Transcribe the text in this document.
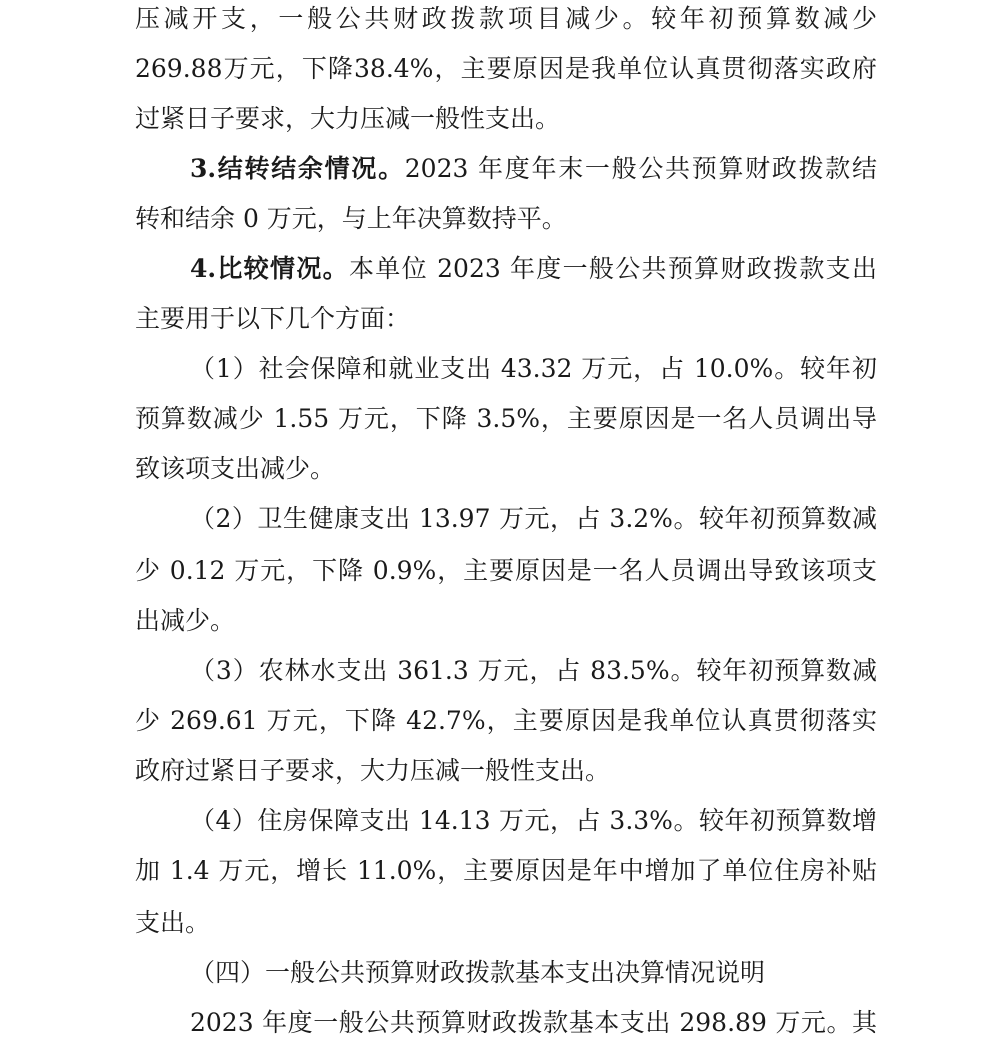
压减开支，一般公共财政拨款项目减少。较年初预算数减少
269.88万元，下降38.4%，主要原因是我单位认真贯彻落实政府
过紧日子要求，大力压减一般性支出。
3.结转结余情况。2023 年度年末一般公共预算财政拨款结
转和结余 0 万元，与上年决算数持平。
4.比较情况。本单位 2023 年度一般公共预算财政拨款支出
主要用于以下几个方面：
（1）社会保障和就业支出 43.32 万元，占 10.0%。较年初
预算数减少 1.55 万元，下降 3.5%，主要原因是一名人员调出导
致该项支出减少。
（2）卫生健康支出 13.97 万元，占 3.2%。较年初预算数减
少 0.12 万元，下降 0.9%，主要原因是一名人员调出导致该项支
出减少。
（3）农林水支出 361.3 万元，占 83.5%。较年初预算数减
少 269.61 万元，下降 42.7%，主要原因是我单位认真贯彻落实
政府过紧日子要求，大力压减一般性支出。
（4）住房保障支出 14.13 万元，占 3.3%。较年初预算数增
加 1.4 万元，增长 11.0%，主要原因是年中增加了单位住房补贴
支出。
（四）一般公共预算财政拨款基本支出决算情况说明
2023 年度一般公共预算财政拨款基本支出 298.89 万元。其
